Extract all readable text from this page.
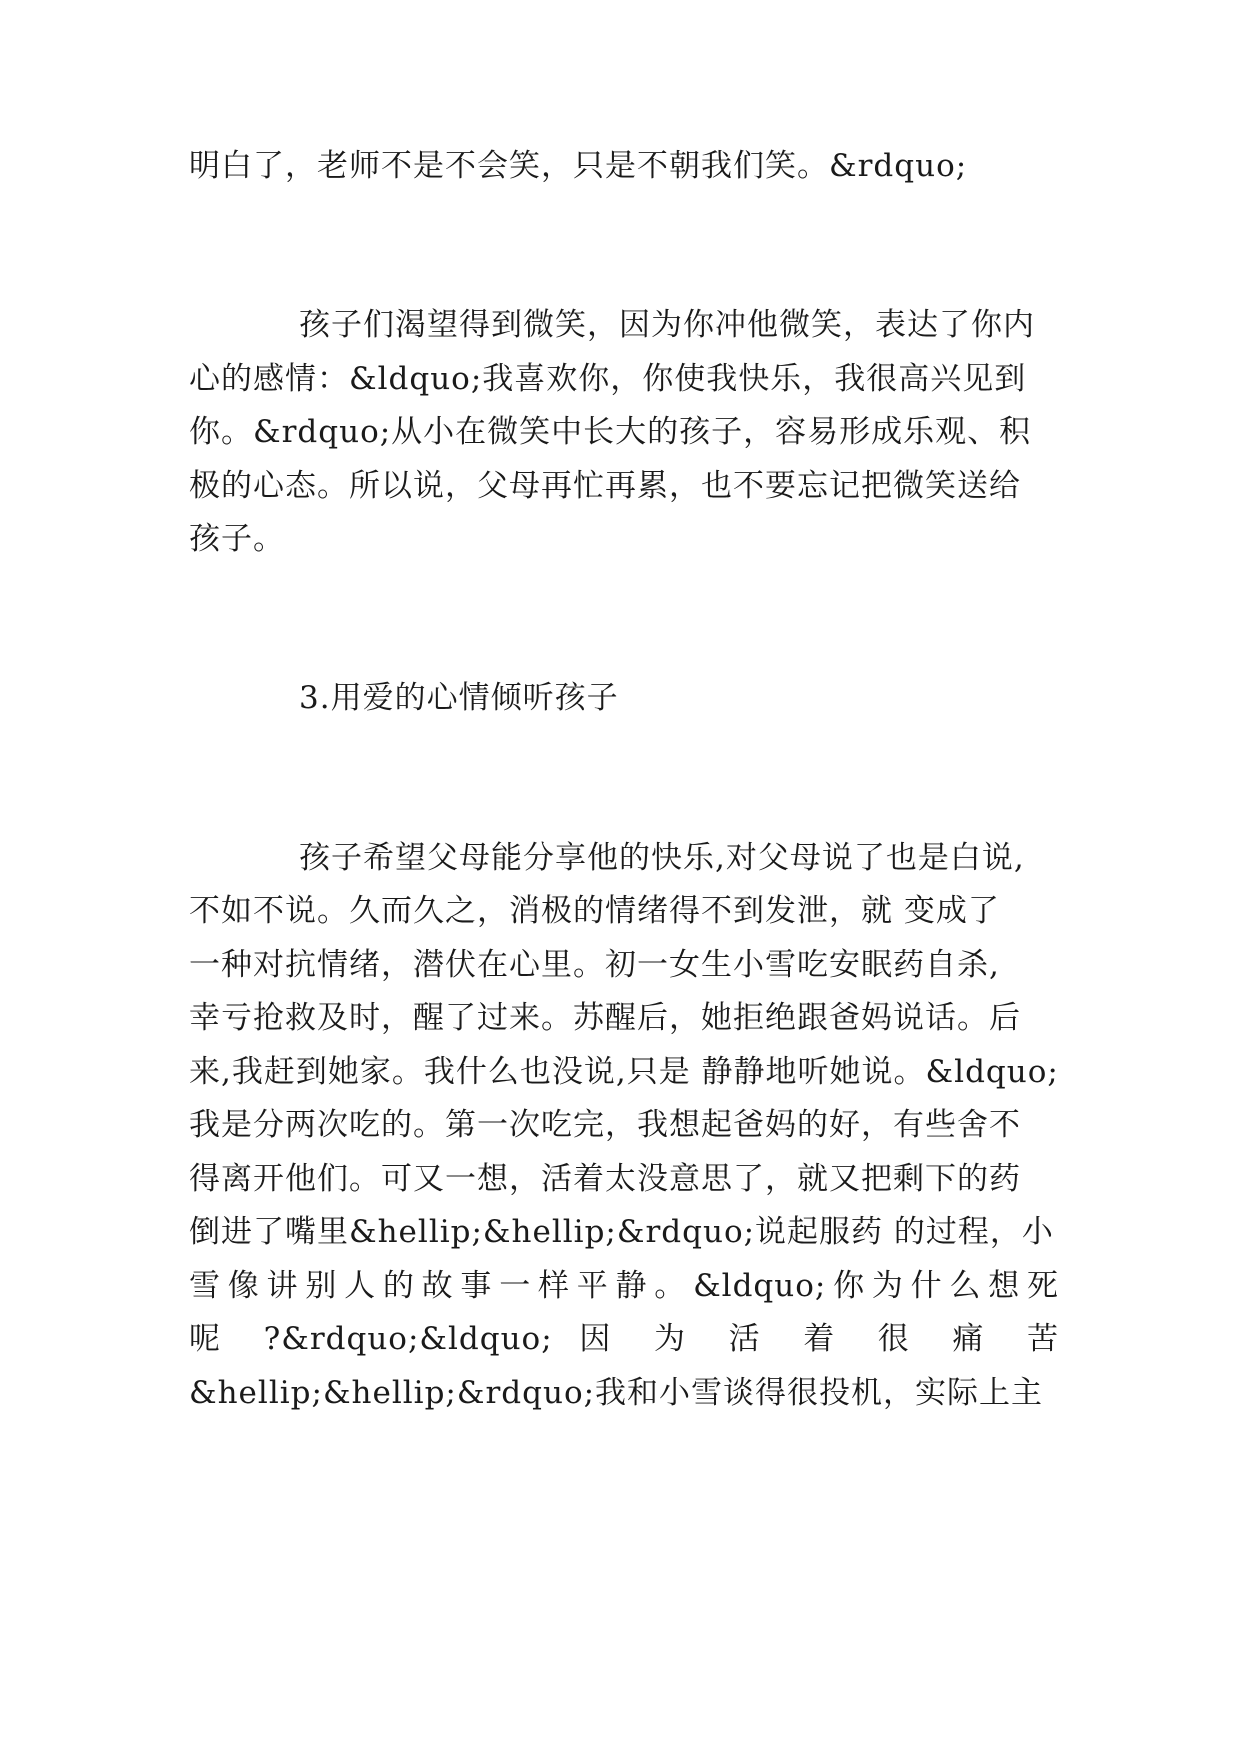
明白了，老师不是不会笑，只是不朝我们笑。&rdquo;
孩子们渴望得到微笑，因为你冲他微笑，表达了你内
心的感情：&ldquo;我喜欢你，你使我快乐，我很高兴见到
你。&rdquo;从小在微笑中长大的孩子，容易形成乐观、积
极的心态。所以说，父母再忙再累，也不要忘记把微笑送给
孩子。
3.用爱的心情倾听孩子
孩子希望父母能分享他的快乐,对父母说了也是白说,
不如不说。久而久之，消极的情绪得不到发泄，就 变成了
一种对抗情绪，潜伏在心里。初一女生小雪吃安眠药自杀,
幸亏抢救及时，醒了过来。苏醒后，她拒绝跟爸妈说话。后
来,我赶到她家。我什么也没说,只是 静静地听她说。&ldquo;
我是分两次吃的。第一次吃完，我想起爸妈的好，有些舍不
得离开他们。可又一想，活着太没意思了，就又把剩下的药
倒进了嘴里&hellip;&hellip;&rdquo;说起服药 的过程，小
雪像讲别人的故事一样平静。&ldquo;你为什么想死
呢 ?&rdquo;&ldquo; 因 为 活 着 很 痛 苦
&hellip;&hellip;&rdquo;我和小雪谈得很投机，实际上主
